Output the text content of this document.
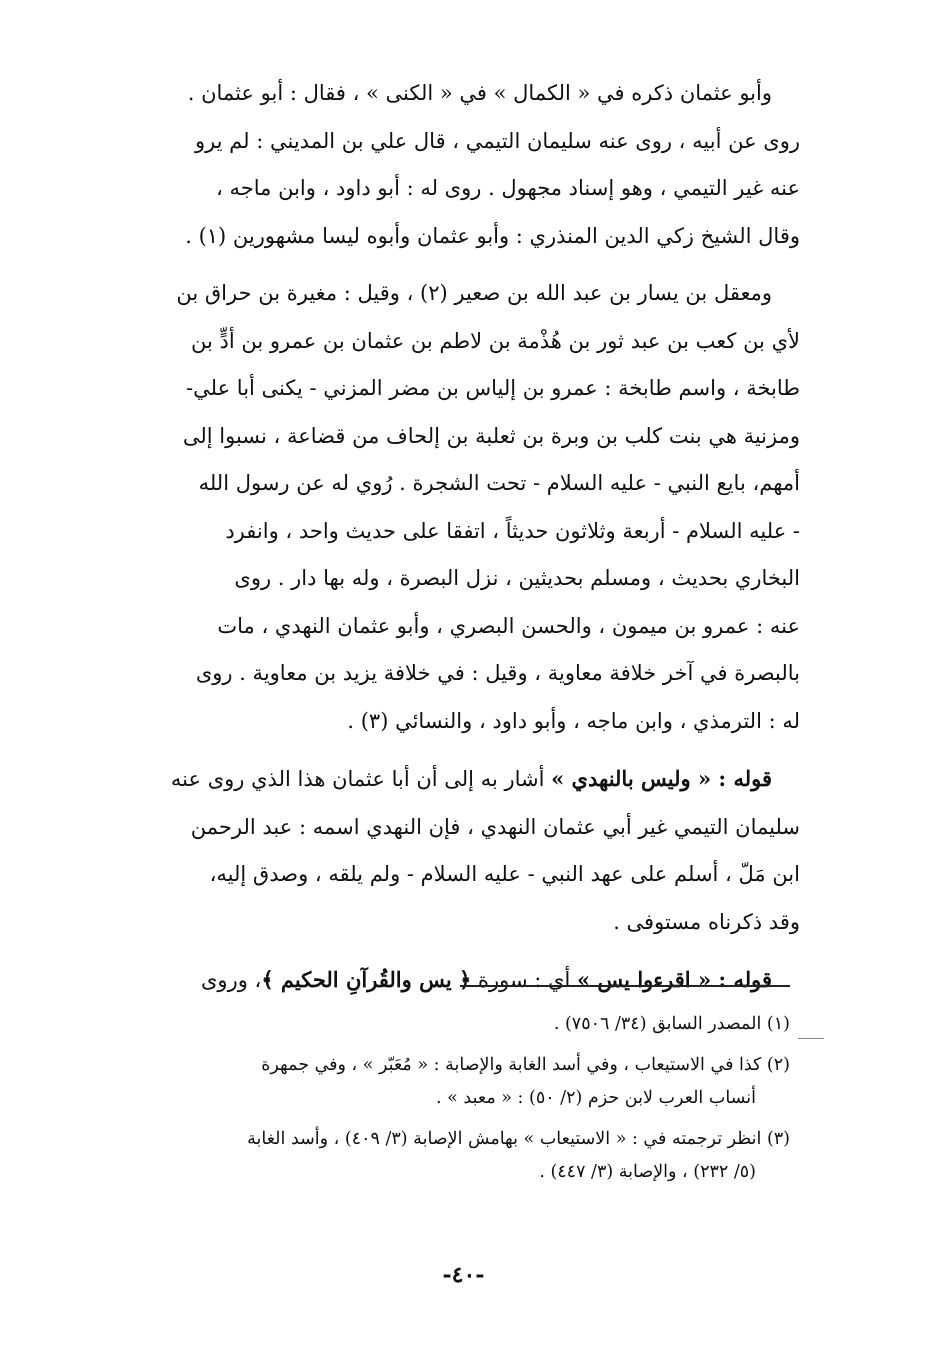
وأبو عثمان ذكره في « الكمال » في « الكنى » ، فقال : أبو عثمان .
روى عن أبيه ، روى عنه سليمان التيمي ، قال علي بن المديني : لم يرو
عنه غير التيمي ، وهو إسناد مجهول . روى له : أبو داود ، وابن ماجه ،
وقال الشيخ زكي الدين المنذري : وأبو عثمان وأبوه ليسا مشهورين (١) .

ومعقل بن يسار بن عبد الله بن صعير (٢) ، وقيل : مغيرة بن حراق بن
لأي بن كعب بن عبد ثور بن هُذْمة بن لاطم بن عثمان بن عمرو بن أدٍّ بن
طابخة ، واسم طابخة : عمرو بن إلياس بن مضر المزني - يكنى أبا علي-
ومزنية هي بنت كلب بن وبرة بن ثعلبة بن إلحاف من قضاعة ، نسبوا إلى
أمهم، بايع النبي - عليه السلام - تحت الشجرة . رُوي له عن رسول الله
- عليه السلام - أربعة وثلاثون حديثاً ، اتفقا على حديث واحد ، وانفرد
البخاري بحديث ، ومسلم بحديثين ، نزل البصرة ، وله بها دار . روى
عنه : عمرو بن ميمون ، والحسن البصري ، وأبو عثمان النهدي ، مات
بالبصرة في آخر خلافة معاوية ، وقيل : في خلافة يزيد بن معاوية . روى
له : الترمذي ، وابن ماجه ، وأبو داود ، والنسائي (٣) .

قوله : « وليس بالنهدي » أشار به إلى أن أبا عثمان هذا الذي روى عنه
سليمان التيمي غير أبي عثمان النهدي ، فإن النهدي اسمه : عبد الرحمن
ابن مَلّ ، أسلم على عهد النبي - عليه السلام - ولم يلقه ، وصدق إليه،
وقد ذكرناه مستوفى .

قوله : « اقرءوا يس » أي : سورة ﴿ يس والقُرآنِ الحكيم ﴾، وروى

(١) المصدر السابق (٣٤/ ٧٥٠٦) .

(٢) كذا في الاستيعاب ، وفي أسد الغابة والإصابة : « مُعَبّر » ، وفي جمهرة
أنساب العرب لابن حزم (٢/ ٥٠) : « معبد » .

(٣) انظر ترجمته في : « الاستيعاب » بهامش الإصابة (٣/ ٤٠٩) ، وأسد الغابة
(٥/ ٢٣٢) ، والإصابة (٣/ ٤٤٧) .

-٤٠-
